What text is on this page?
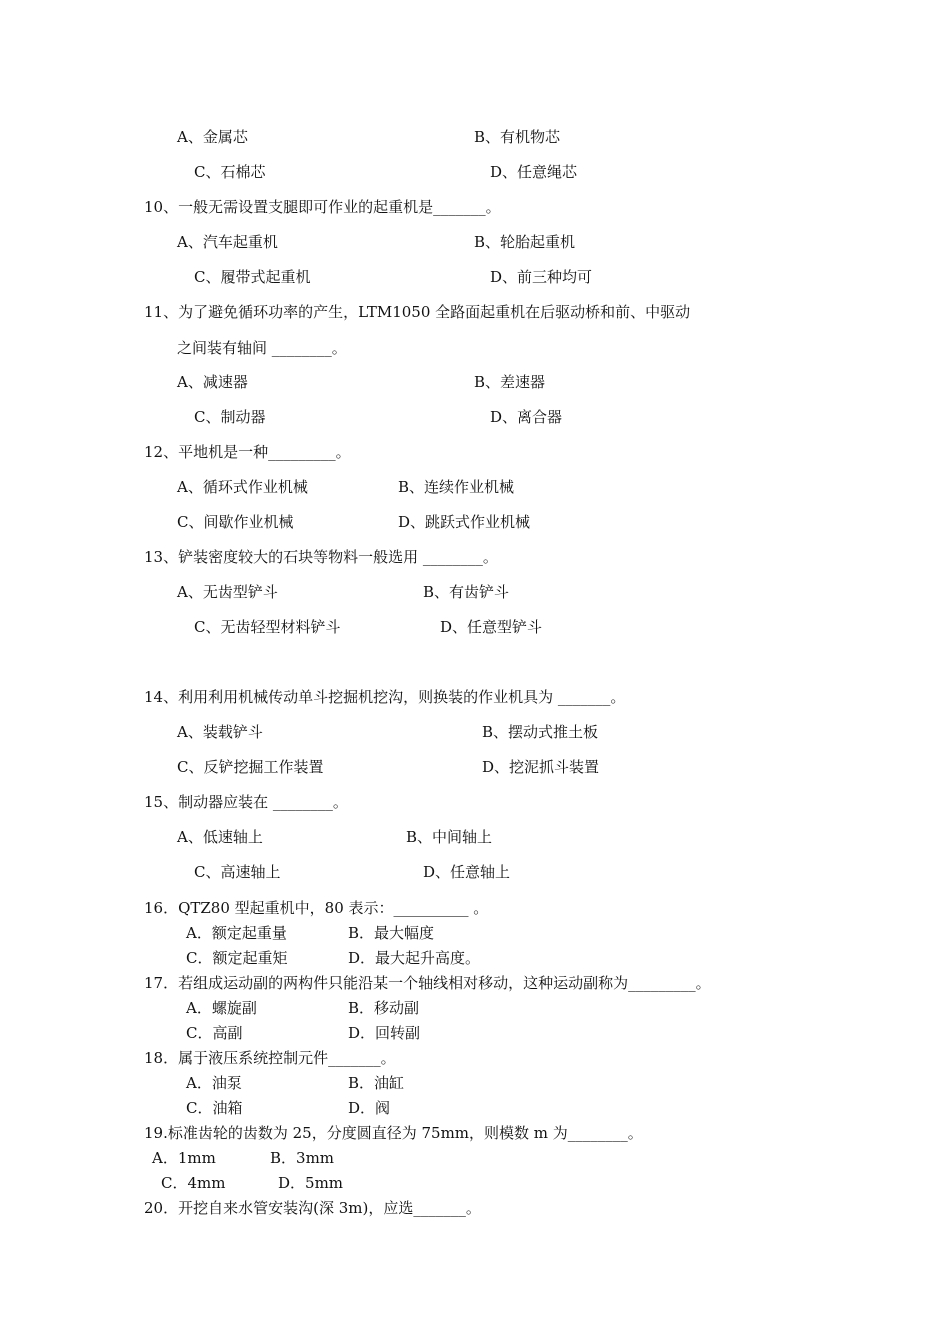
A、金属芯	B、有机物芯
C、石棉芯	D、任意绳芯
10、一般无需设置支腿即可作业的起重机是_______。
A、汽车起重机	B、轮胎起重机
C、履带式起重机	D、前三种均可
11、为了避免循环功率的产生，LTM1050 全路面起重机在后驱动桥和前、中驱动
之间装有轴间 ________。
A、减速器	B、差速器
C、制动器	D、离合器
12、平地机是一种_________。
A、循环式作业机械	B、连续作业机械
C、间歇作业机械	D、跳跃式作业机械
13、铲装密度较大的石块等物料一般选用 ________。
A、无齿型铲斗	B、有齿铲斗
C、无齿轻型材料铲斗	D、任意型铲斗
14、利用利用机械传动单斗挖掘机挖沟，则换装的作业机具为 _______。
A、装载铲斗	B、摆动式推土板
C、反铲挖掘工作装置	D、挖泥抓斗装置
15、制动器应装在 ________。
A、低速轴上	B、中间轴上
C、高速轴上	D、任意轴上
16．QTZ80 型起重机中，80 表示：__________ 。
A．额定起重量	B．最大幅度
C．额定起重矩	D．最大起升高度。
17．若组成运动副的两构件只能沿某一个轴线相对移动，这种运动副称为_________。
A．螺旋副	B．移动副
C．高副	D．回转副
18．属于液压系统控制元件_______。
A．油泵	B．油缸
C．油箱	D．阀
19.标准齿轮的齿数为 25，分度圆直径为 75mm，则模数 m 为________。
A．1mm	B．3mm
C．4mm	D．5mm
20．开挖自来水管安装沟(深 3m)，应选_______。
